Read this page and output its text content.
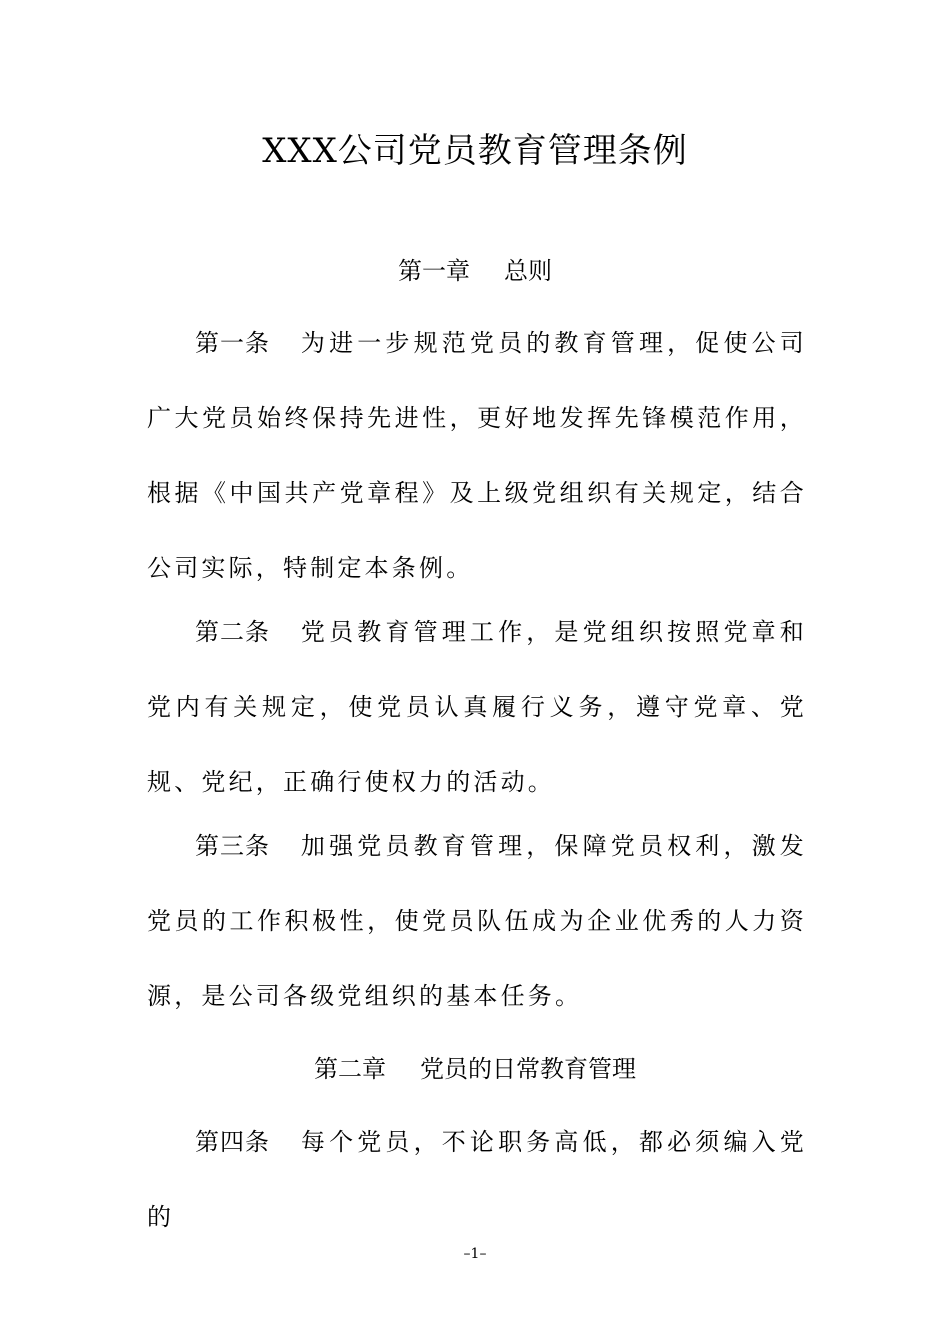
XXX公司党员教育管理条例
第一章 总则
第一条 为进一步规范党员的教育管理，促使公司广大党员始终保持先进性，更好地发挥先锋模范作用，根据《中国共产党章程》及上级党组织有关规定，结合公司实际，特制定本条例。
第二条 党员教育管理工作，是党组织按照党章和党内有关规定，使党员认真履行义务，遵守党章、党规、党纪，正确行使权力的活动。
第三条 加强党员教育管理，保障党员权利，激发党员的工作积极性，使党员队伍成为企业优秀的人力资源，是公司各级党组织的基本任务。
第二章 党员的日常教育管理
第四条 每个党员，不论职务高低，都必须编入党的
–1–
